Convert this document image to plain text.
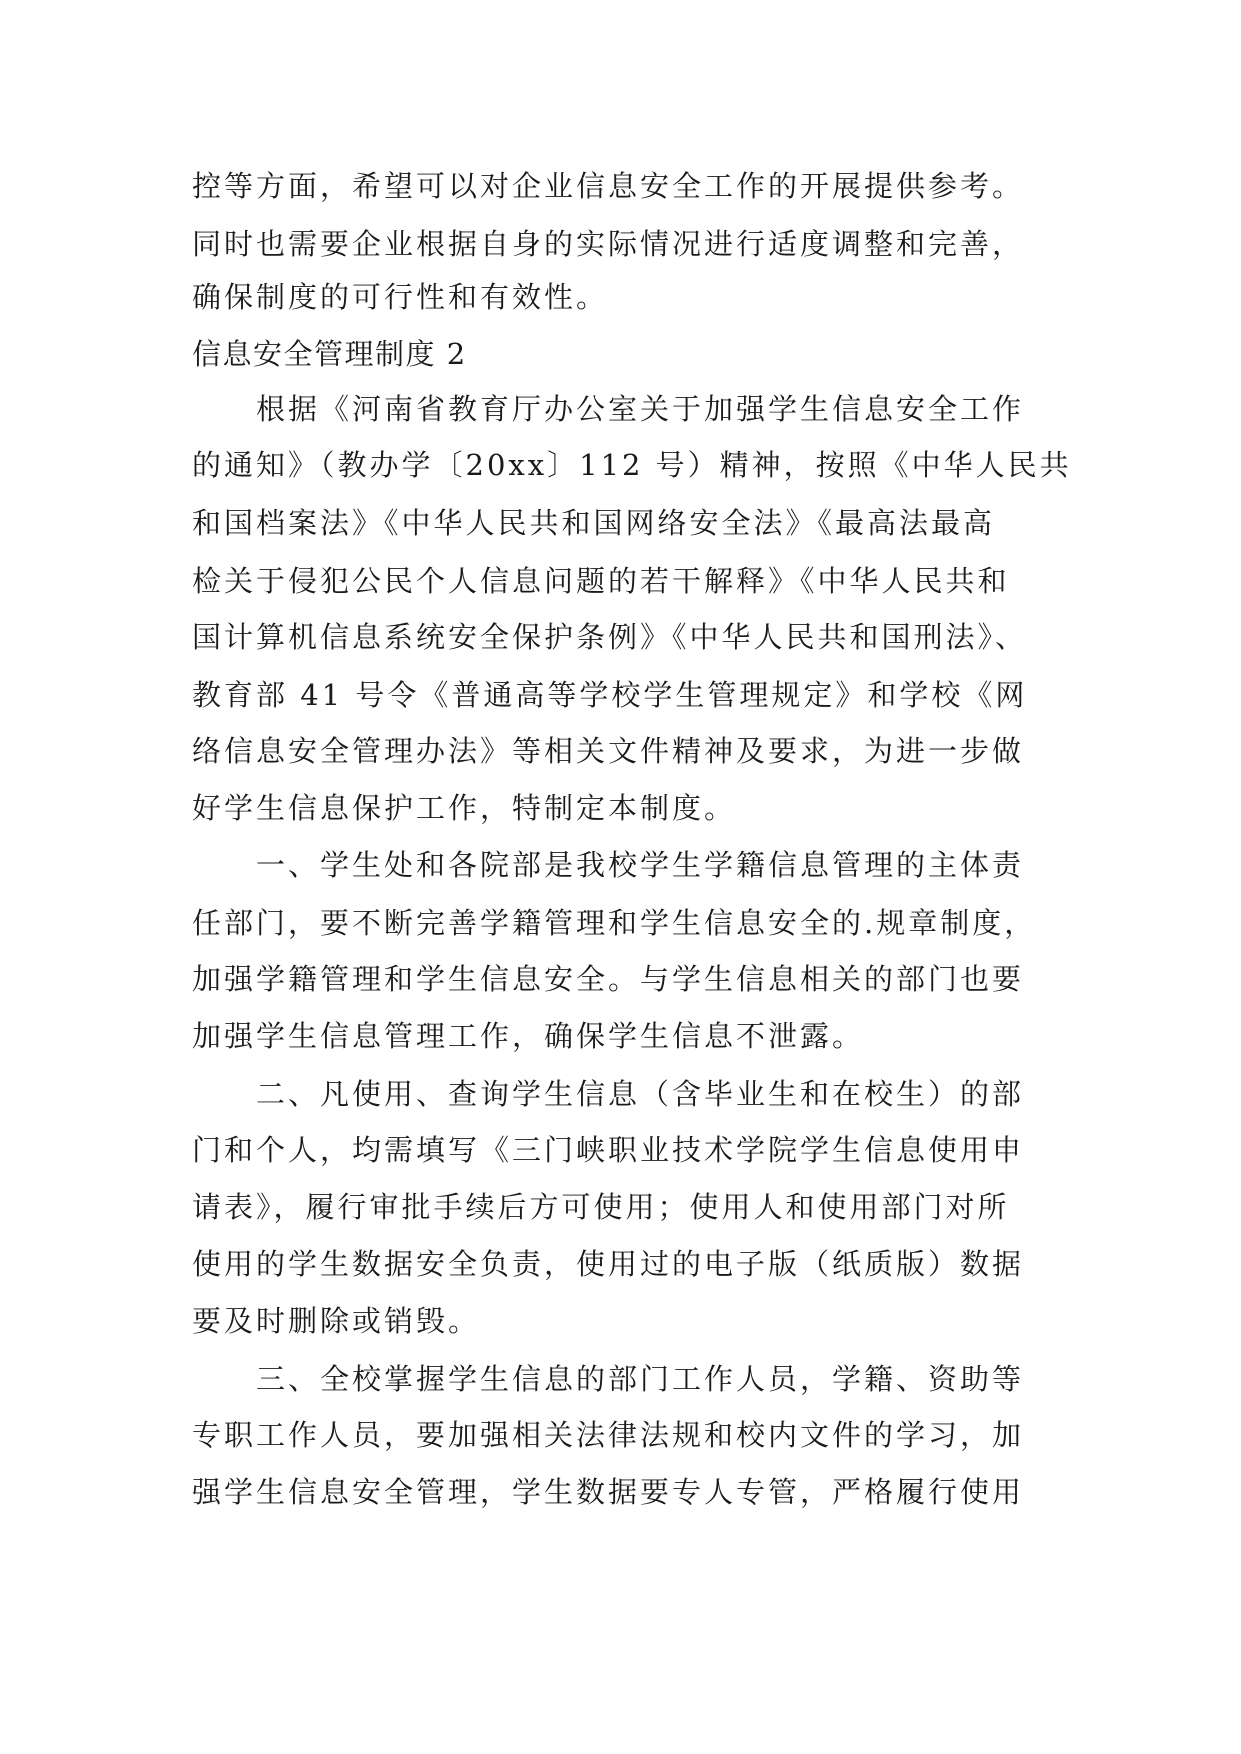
控等方面，希望可以对企业信息安全工作的开展提供参考。
同时也需要企业根据自身的实际情况进行适度调整和完善，
确保制度的可行性和有效性。
信息安全管理制度 2
　　根据《河南省教育厅办公室关于加强学生信息安全工作
的通知》（教办学〔20xx〕112 号）精神，按照《中华人民共
和国档案法》《中华人民共和国网络安全法》《最高法最高
检关于侵犯公民个人信息问题的若干解释》《中华人民共和
国计算机信息系统安全保护条例》《中华人民共和国刑法》、
教育部 41 号令《普通高等学校学生管理规定》和学校《网
络信息安全管理办法》等相关文件精神及要求，为进一步做
好学生信息保护工作，特制定本制度。
　　一、学生处和各院部是我校学生学籍信息管理的主体责
任部门，要不断完善学籍管理和学生信息安全的.规章制度，
加强学籍管理和学生信息安全。与学生信息相关的部门也要
加强学生信息管理工作，确保学生信息不泄露。
　　二、凡使用、查询学生信息（含毕业生和在校生）的部
门和个人，均需填写《三门峡职业技术学院学生信息使用申
请表》，履行审批手续后方可使用；使用人和使用部门对所
使用的学生数据安全负责，使用过的电子版（纸质版）数据
要及时删除或销毁。
　　三、全校掌握学生信息的部门工作人员，学籍、资助等
专职工作人员，要加强相关法律法规和校内文件的学习，加
强学生信息安全管理，学生数据要专人专管，严格履行使用
